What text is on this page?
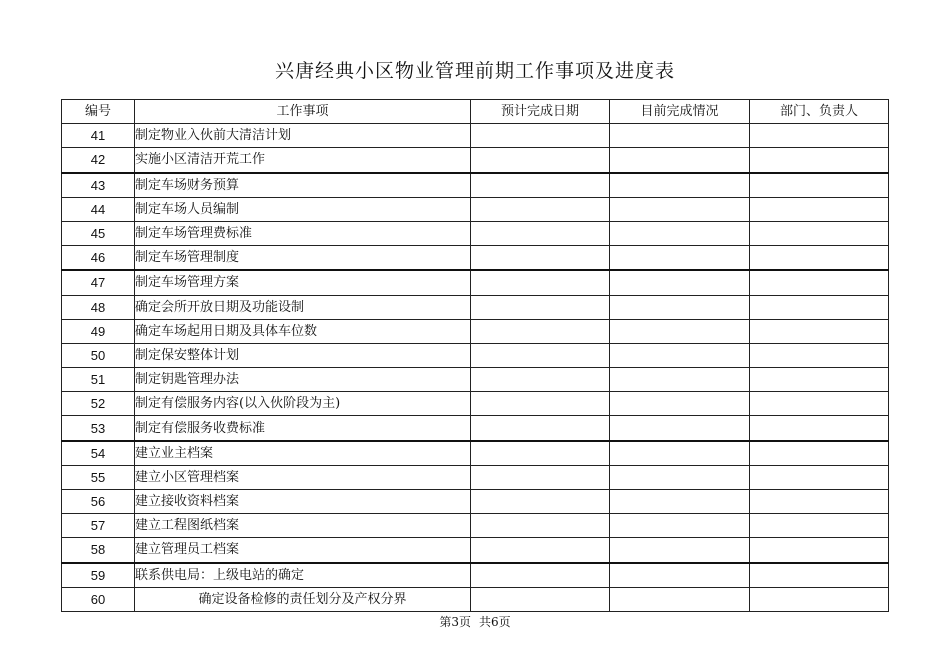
兴唐经典小区物业管理前期工作事项及进度表
编号	工作事项	预计完成日期	目前完成情况	部门、负责人
41	制定物业入伙前大清洁计划			
42	实施小区清洁开荒工作			
43	制定车场财务预算			
44	制定车场人员编制			
45	制定车场管理费标准			
46	制定车场管理制度			
47	制定车场管理方案			
48	确定会所开放日期及功能设制			
49	确定车场起用日期及具体车位数			
50	制定保安整体计划			
51	制定钥匙管理办法			
52	制定有偿服务内容(以入伙阶段为主)			
53	制定有偿服务收费标准			
54	建立业主档案			
55	建立小区管理档案			
56	建立接收资料档案			
57	建立工程图纸档案			
58	建立管理员工档案			
59	联系供电局：上级电站的确定			
60	确定设备检修的责任划分及产权分界			
第3页 共6页
